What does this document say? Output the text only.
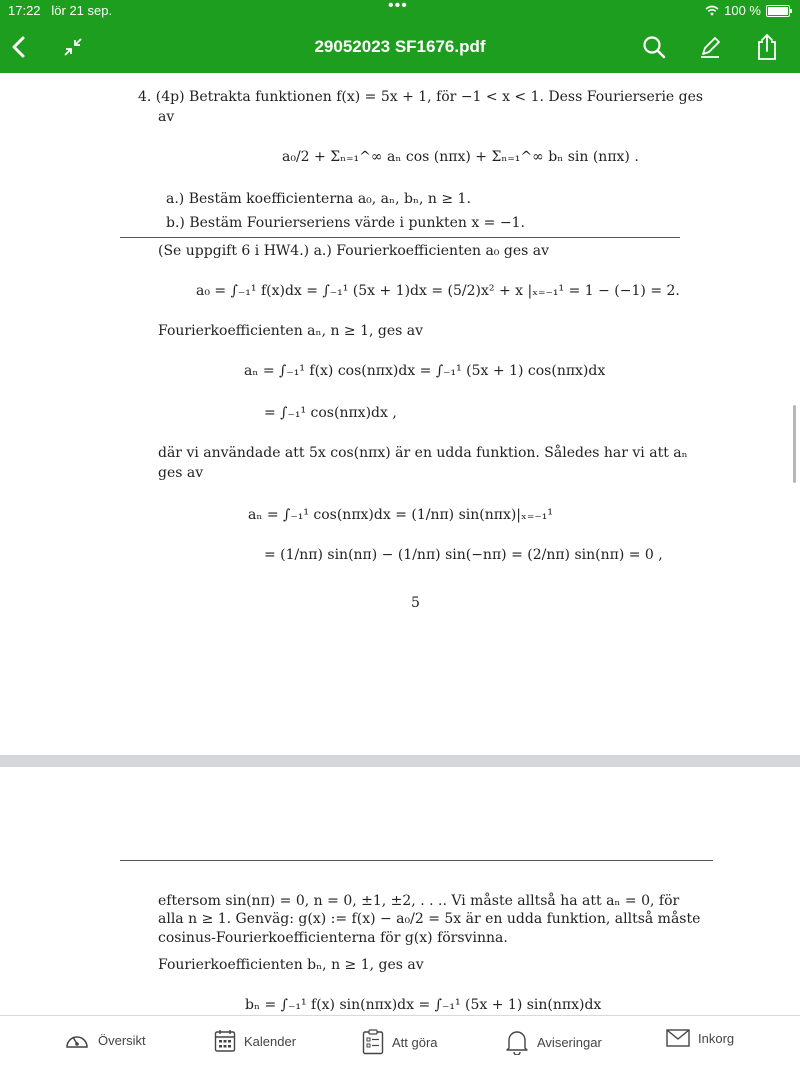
17:22 lör 21 sep.	•••	100 %
29052023 SF1676.pdf
4. (4p) Betrakta funktionen f(x) = 5x + 1, för −1 < x < 1. Dess Fourierserie ges
av
a₀/2 + Σₙ₌₁^∞ aₙ cos (nπx) + Σₙ₌₁^∞ bₙ sin (nπx) .
a.) Bestäm koefficienterna a₀, aₙ, bₙ, n ≥ 1.
b.) Bestäm Fourierseriens värde i punkten x = −1.
(Se uppgift 6 i HW4.) a.) Fourierkoefficienten a₀ ges av
a₀ = ∫₋₁¹ f(x)dx = ∫₋₁¹ (5x + 1)dx = (5/2)x² + x |ₓ₌₋₁¹ = 1 − (−1) = 2.
Fourierkoefficienten aₙ, n ≥ 1, ges av
aₙ = ∫₋₁¹ f(x) cos(nπx)dx = ∫₋₁¹ (5x + 1) cos(nπx)dx
= ∫₋₁¹ cos(nπx)dx ,
där vi användade att 5x cos(nπx) är en udda funktion. Således har vi att aₙ
ges av
aₙ = ∫₋₁¹ cos(nπx)dx = (1/nπ) sin(nπx)|ₓ₌₋₁¹
= (1/nπ) sin(nπ) − (1/nπ) sin(−nπ) = (2/nπ) sin(nπ) = 0 ,
5
eftersom sin(nπ) = 0, n = 0, ±1, ±2, . . .. Vi måste alltså ha att aₙ = 0, för
alla n ≥ 1. Genväg: g(x) := f(x) − a₀/2 = 5x är en udda funktion, alltså måste
cosinus-Fourierkoefficienterna för g(x) försvinna.
Fourierkoefficienten bₙ, n ≥ 1, ges av
bₙ = ∫₋₁¹ f(x) sin(nπx)dx = ∫₋₁¹ (5x + 1) sin(nπx)dx
Översikt	Kalender	Att göra	Aviseringar	Inkorg
